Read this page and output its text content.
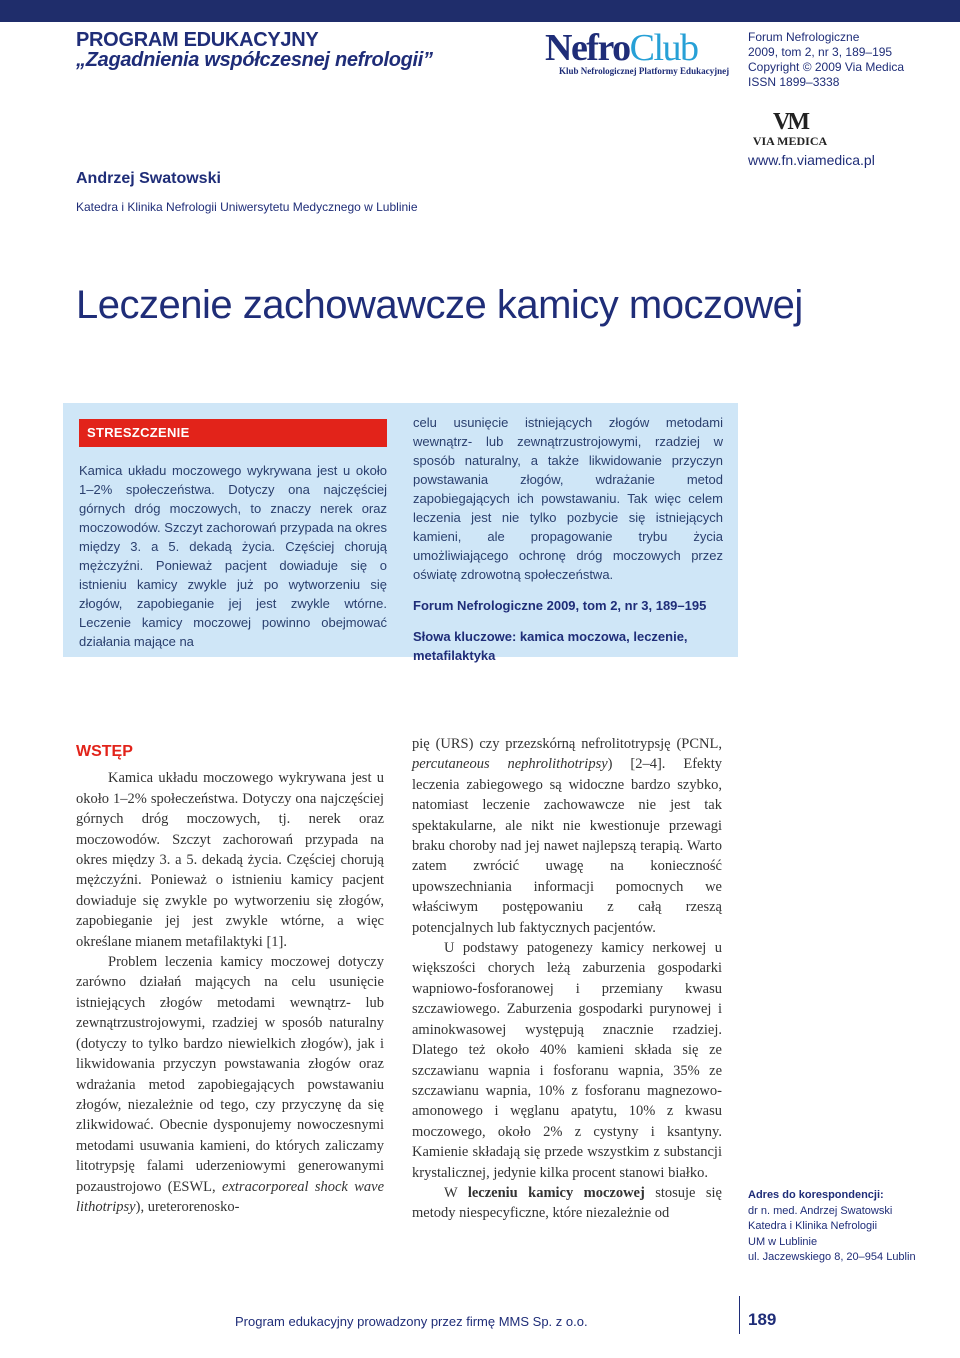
PROGRAM EDUKACYJNY
„Zagadnienia współczesnej nefrologii”	NefroClub
Klub Nefrologicznej Platformy Edukacyjnej
Forum Nefrologiczne
2009, tom 2, nr 3, 189–195
Copyright © 2009 Via Medica
ISSN 1899–3338
VM
VIA MEDICA
www.fn.viamedica.pl
Andrzej Swatowski
Katedra i Klinika Nefrologii Uniwersytetu Medycznego w Lublinie
Leczenie zachowawcze kamicy moczowej
STRESZCZENIE

Kamica układu moczowego wykrywana jest u około 1–2% społeczeństwa. Dotyczy ona najczęściej górnych dróg moczowych, to znaczy nerek oraz moczowodów. Szczyt zachorowań przypada na okres między 3. a 5. dekadą życia. Częściej chorują mężczyźni. Ponieważ pacjent dowiaduje się o istnieniu kamicy zwykle już po wytworzeniu się złogów, zapobieganie jej jest zwykle wtórne. Leczenie kamicy moczowej powinno obejmować działania mające na

celu usunięcie istniejących złogów metodami wewnątrz- lub zewnątrzustrojowymi, rzadziej w sposób naturalny, a także likwidowanie przyczyn powstawania złogów, wdrażanie metod zapobiegających ich powstawaniu. Tak więc celem leczenia jest nie tylko pozbycie się istniejących kamieni, ale propagowanie trybu życia umożliwiającego ochronę dróg moczowych przez oświatę zdrowotną społeczeństwa.

Forum Nefrologiczne 2009, tom 2, nr 3, 189–195
Słowa kluczowe: kamica moczowa, leczenie, metafilaktyka
WSTĘP

Kamica układu moczowego wykrywana jest u około 1–2% społeczeństwa. Dotyczy ona najczęściej górnych dróg moczowych, tj. nerek oraz moczowodów. Szczyt zachorowań przypada na okres między 3. a 5. dekadą życia. Częściej chorują mężczyźni. Ponieważ o istnieniu kamicy pacjent dowiaduje się zwykle po wytworzeniu się złogów, zapobieganie jej jest zwykle wtórne, a więc określane mianem metafilaktyki [1].

Problem leczenia kamicy moczowej dotyczy zarówno działań mających na celu usunięcie istniejących złogów metodami wewnątrz- lub zewnątrzustrojowymi, rzadziej w sposób naturalny (dotyczy to tylko bardzo niewielkich złogów), jak i likwidowania przyczyn powstawania złogów oraz wdrażania metod zapobiegających powstawaniu złogów, niezależnie od tego, czy przyczynę da się zlikwidować. Obecnie dysponujemy nowoczesnymi metodami usuwania kamieni, do których zaliczamy litotrypsję falami uderzeniowymi generowanymi pozaustrojowo (ESWL, extracorporeal shock wave lithotripsy), ureterorenosko-

pię (URS) czy przezskórną nefrolitotrypsję (PCNL, percutaneous nephrolithotripsy) [2–4]. Efekty leczenia zabiegowego są widoczne bardzo szybko, natomiast leczenie zachowawcze nie jest tak spektakularne, ale nikt nie kwestionuje przewagi braku choroby nad jej nawet najlepszą terapią. Warto zatem zwrócić uwagę na konieczność upowszechniania informacji pomocnych we właściwym postępowaniu z całą rzeszą potencjalnych lub faktycznych pacjentów.

U podstawy patogenezy kamicy nerkowej u większości chorych leżą zaburzenia gospodarki wapniowo-fosforanowej i przemiany kwasu szczawiowego. Zaburzenia gospodarki purynowej i aminokwasowej występują znacznie rzadziej. Dlatego też około 40% kamieni składa się ze szczawianu wapnia i fosforanu wapnia, 35% ze szczawianu wapnia, 10% z fosforanu magnezowo-amonowego i węglanu apatytu, 10% z kwasu moczowego, około 2% z cystyny i ksantyny. Kamienie składają się przede wszystkim z substancji krystalicznej, jedynie kilka procent stanowi białko.

W leczeniu kamicy moczowej stosuje się metody niespecyficzne, które niezależnie od

Adres do korespondencji:
dr n. med. Andrzej Swatowski
Katedra i Klinika Nefrologii
UM w Lublinie
ul. Jaczewskiego 8, 20–954 Lublin
Program edukacyjny prowadzony przez firmę MMS Sp. z o.o.	189
